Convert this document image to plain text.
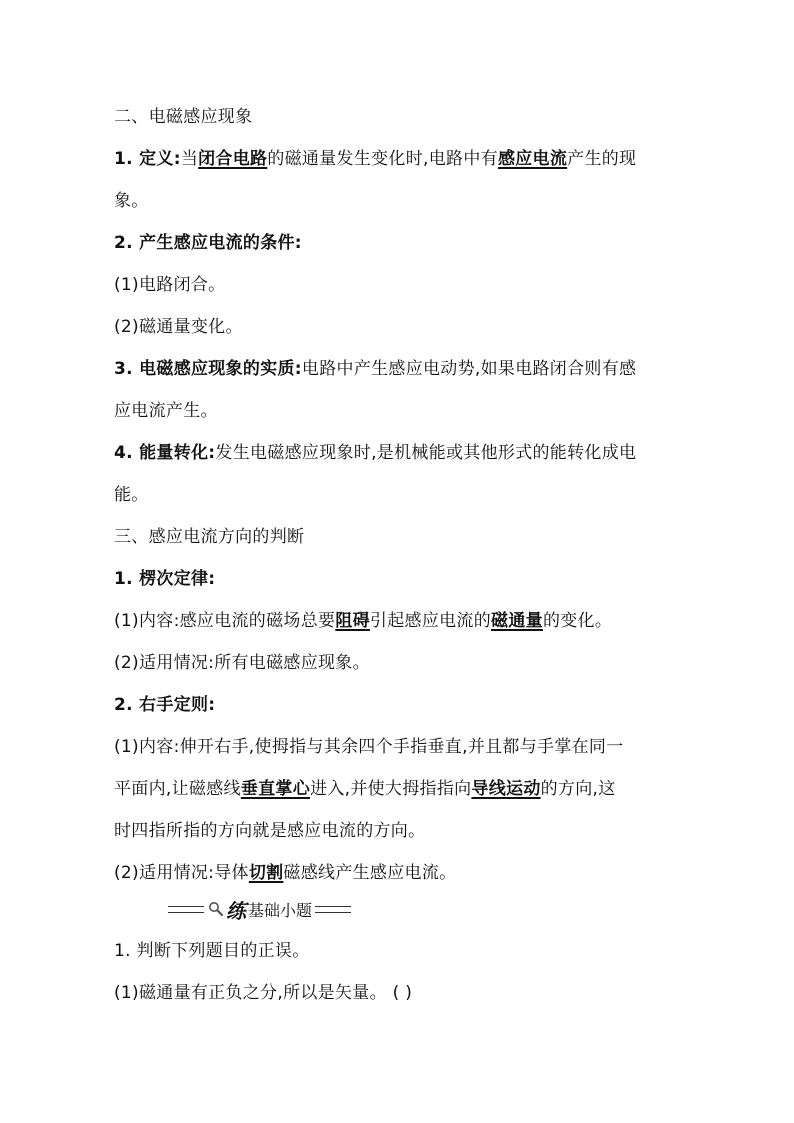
二、电磁感应现象
1. 定义:当闭合电路的磁通量发生变化时,电路中有感应电流产生的现
象。
2. 产生感应电流的条件:
(1)电路闭合。
(2)磁通量变化。
3. 电磁感应现象的实质:电路中产生感应电动势,如果电路闭合则有感
应电流产生。
4. 能量转化:发生电磁感应现象时,是机械能或其他形式的能转化成电
能。
三、感应电流方向的判断
1. 楞次定律:
(1)内容:感应电流的磁场总要阻碍引起感应电流的磁通量的变化。
(2)适用情况:所有电磁感应现象。
2. 右手定则:
(1)内容:伸开右手,使拇指与其余四个手指垂直,并且都与手掌在同一
平面内,让磁感线垂直掌心进入,并使大拇指指向导线运动的方向,这
时四指所指的方向就是感应电流的方向。
(2)适用情况:导体切割磁感线产生感应电流。
练 基础小题
1. 判断下列题目的正误。
(1)磁通量有正负之分,所以是矢量。 ( )
